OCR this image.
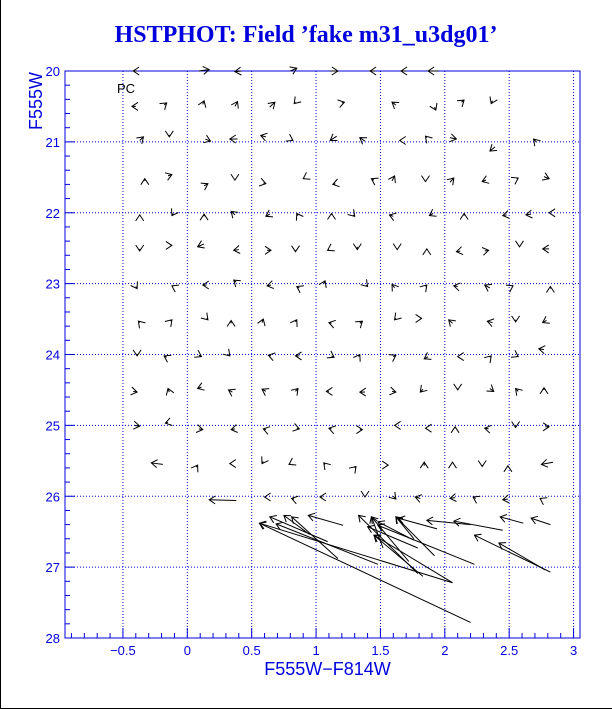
HSTPHOT: Field ’fake m31_u3dg01’
−0.5	0	0.5	1	1.5	2	2.5	3
20
21
22
23
24
25
26
27
28
F555W−F814W
F555W	PC
